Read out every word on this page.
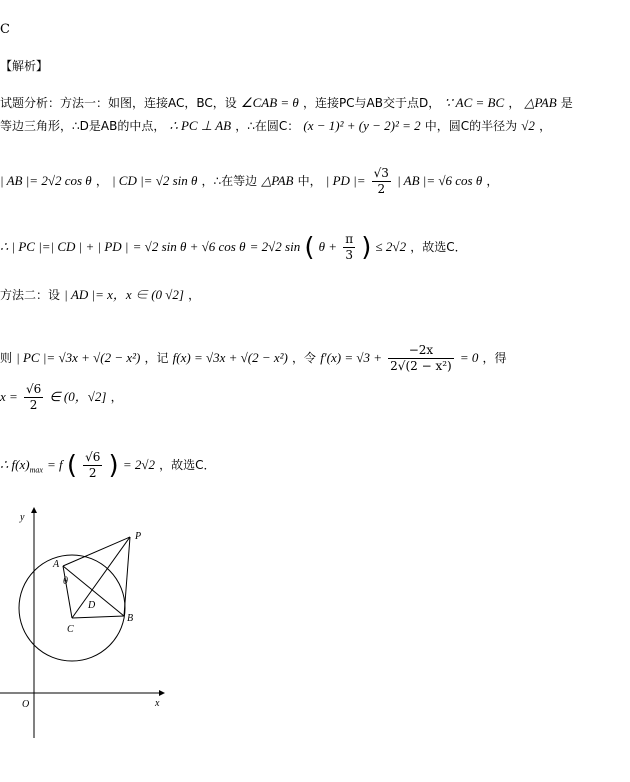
C
【解析】
试题分析：方法一：如图，连接AC，BC，设 ∠CAB = θ ，连接PC与AB交于点D， ∵ AC = BC ， △PAB 是
等边三角形，∴D是AB的中点， ∴ PC ⊥ AB ，∴在圆C： (x − 1)² + (y − 2)² = 2 中，圆C的半径为 √2 ，
| AB |= 2√2 cos θ ， | CD |= √2 sin θ ，∴在等边 △PAB 中， | PD |= $\frac{√3}{2}$ | AB |= √6 cos θ ，
∴ | PC |=| CD | + | PD | = √2 sin θ + √6 cos θ = 2√2 sin ( $\theta + \frac{\pi}{3}$ ) ≤ 2√2 ，故选C．
方法二：设 | AD |= x，x ∈ (0 √2] ，
则 | PC |= √3x + √(2 − x²) ，记 f(x) = √3x + √(2 − x²) ，令 $f'(x) = √3 + \frac{-2x}{\text{2√(2 − x²)}} = 0$ ，得
$x = \frac{√6}{2}$ ∈ (0，√2] ，
∴ $f(x)_{max} = f$ ( $\frac{√6}{2}$ ) = 2√2 ，故选C．
y
x
O
P
A
θ
D
B
C
